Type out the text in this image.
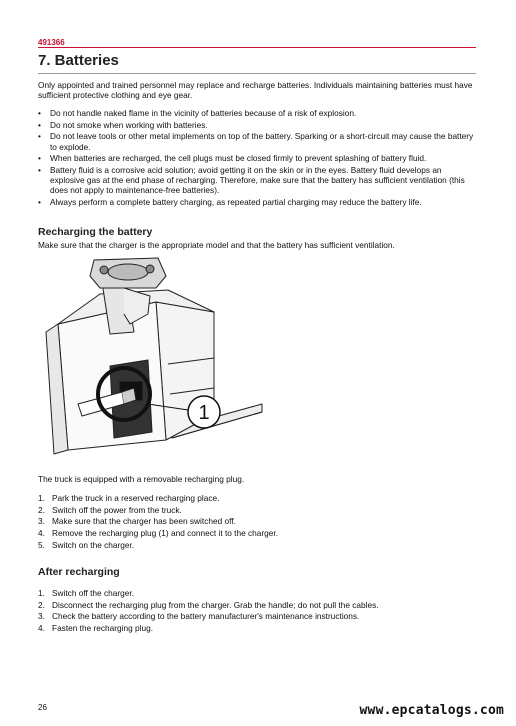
491366
7. Batteries

Only appointed and trained personnel may replace and recharge batteries. Individuals maintaining batteries must have sufficient protective clothing and eye gear.

• Do not handle naked flame in the vicinity of batteries because of a risk of explosion.
• Do not smoke when working with batteries.
• Do not leave tools or other metal implements on top of the battery. Sparking or a short-circuit may cause the battery to explode.
• When batteries are recharged, the cell plugs must be closed firmly to prevent splashing of battery fluid.
• Battery fluid is a corrosive acid solution; avoid getting it on the skin or in the eyes. Battery fluid develops an explosive gas at the end phase of recharging. Therefore, make sure that the battery has sufficient ventilation (this does not apply to maintenance-free batteries).
• Always perform a complete battery charging, as repeated partial charging may reduce the battery life.
Recharging the battery

Make sure that the charger is the appropriate model and that the battery has sufficient ventilation.

1

The truck is equipped with a removable recharging plug.

1. Park the truck in a reserved recharging place.
2. Switch off the power from the truck.
3. Make sure that the charger has been switched off.
4. Remove the recharging plug (1) and connect it to the charger.
5. Switch on the charger.
After recharging
1. Switch off the charger.
2. Disconnect the recharging plug from the charger. Grab the handle; do not pull the cables.
3. Check the battery according to the battery manufacturer's maintenance instructions.
4. Fasten the recharging plug.
26	www.epcatalogs.com
